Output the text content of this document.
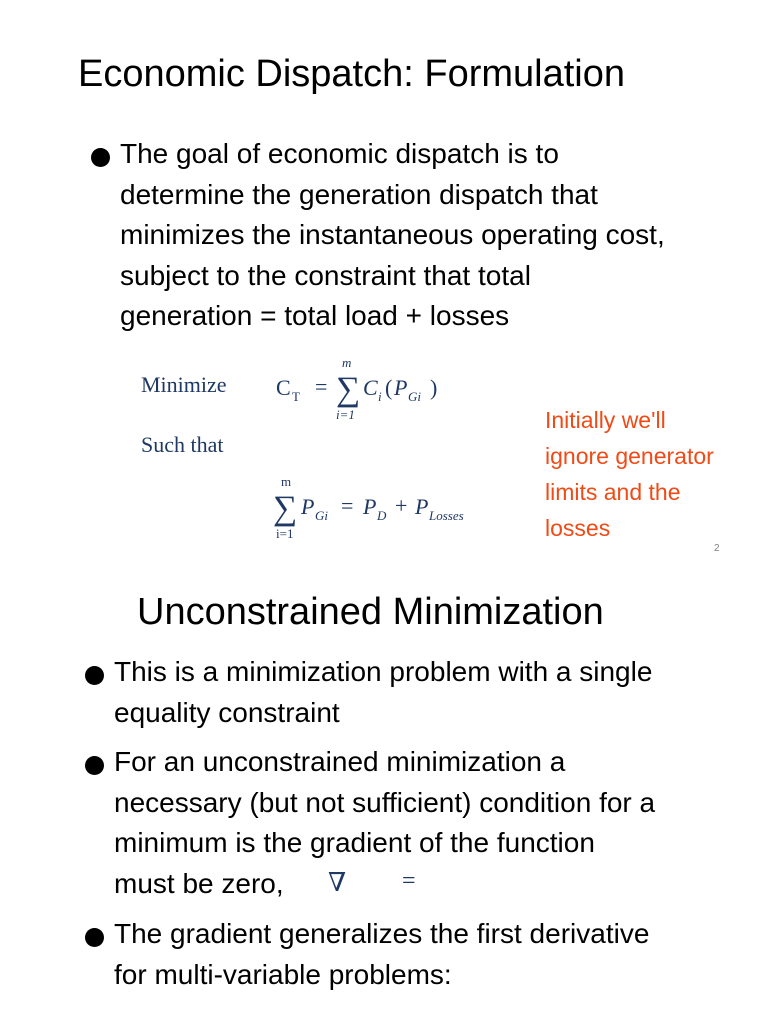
Economic Dispatch: Formulation
The goal of economic dispatch is to
determine the generation dispatch that
minimizes the instantaneous operating cost,
subject to the constraint that total
generation = total load + losses
Minimize
Such that
C T =
m
∑
i=1
C i ( P Gi )
m
∑
i=1
P Gi = P D + P Losses
Initially we'll
ignore generator
limits and the
losses
2
Unconstrained Minimization
This is a minimization problem with a single
equality constraint
For an unconstrained minimization a
necessary (but not sufficient) condition for a
minimum is the gradient of the function
must be zero,	∇ =
The gradient generalizes the first derivative
for multi-variable problems:
